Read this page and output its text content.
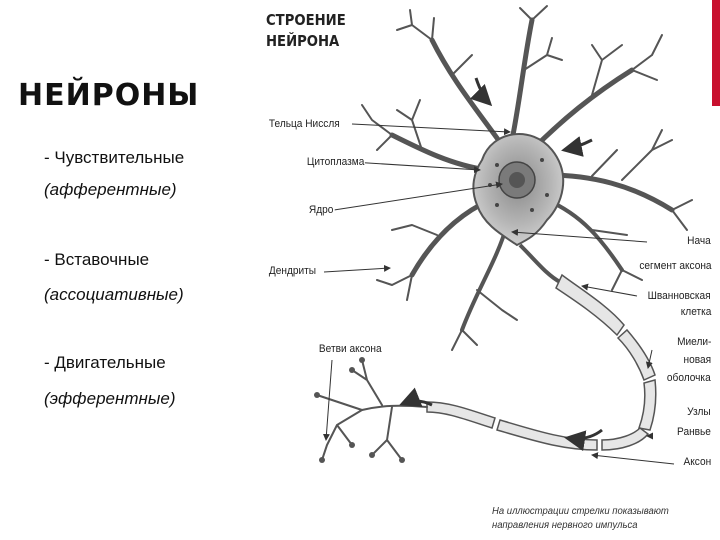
НЕЙРОНЫ
- Чувствительные
(афферентные)
- Вставочные
(ассоциативные)
- Двигательные
(эфферентные)
СТРОЕНИЕ
НЕЙРОНА
Тельца Ниссля
Цитоплазма
Ядро
Дендриты
Ветви аксона
Нача
сегмент аксона
Шванновская
клетка
Миели-
новая
оболочка
Узлы
Ранвье
Аксон
На иллюстрации стрелки показывают направления нервного импульса
